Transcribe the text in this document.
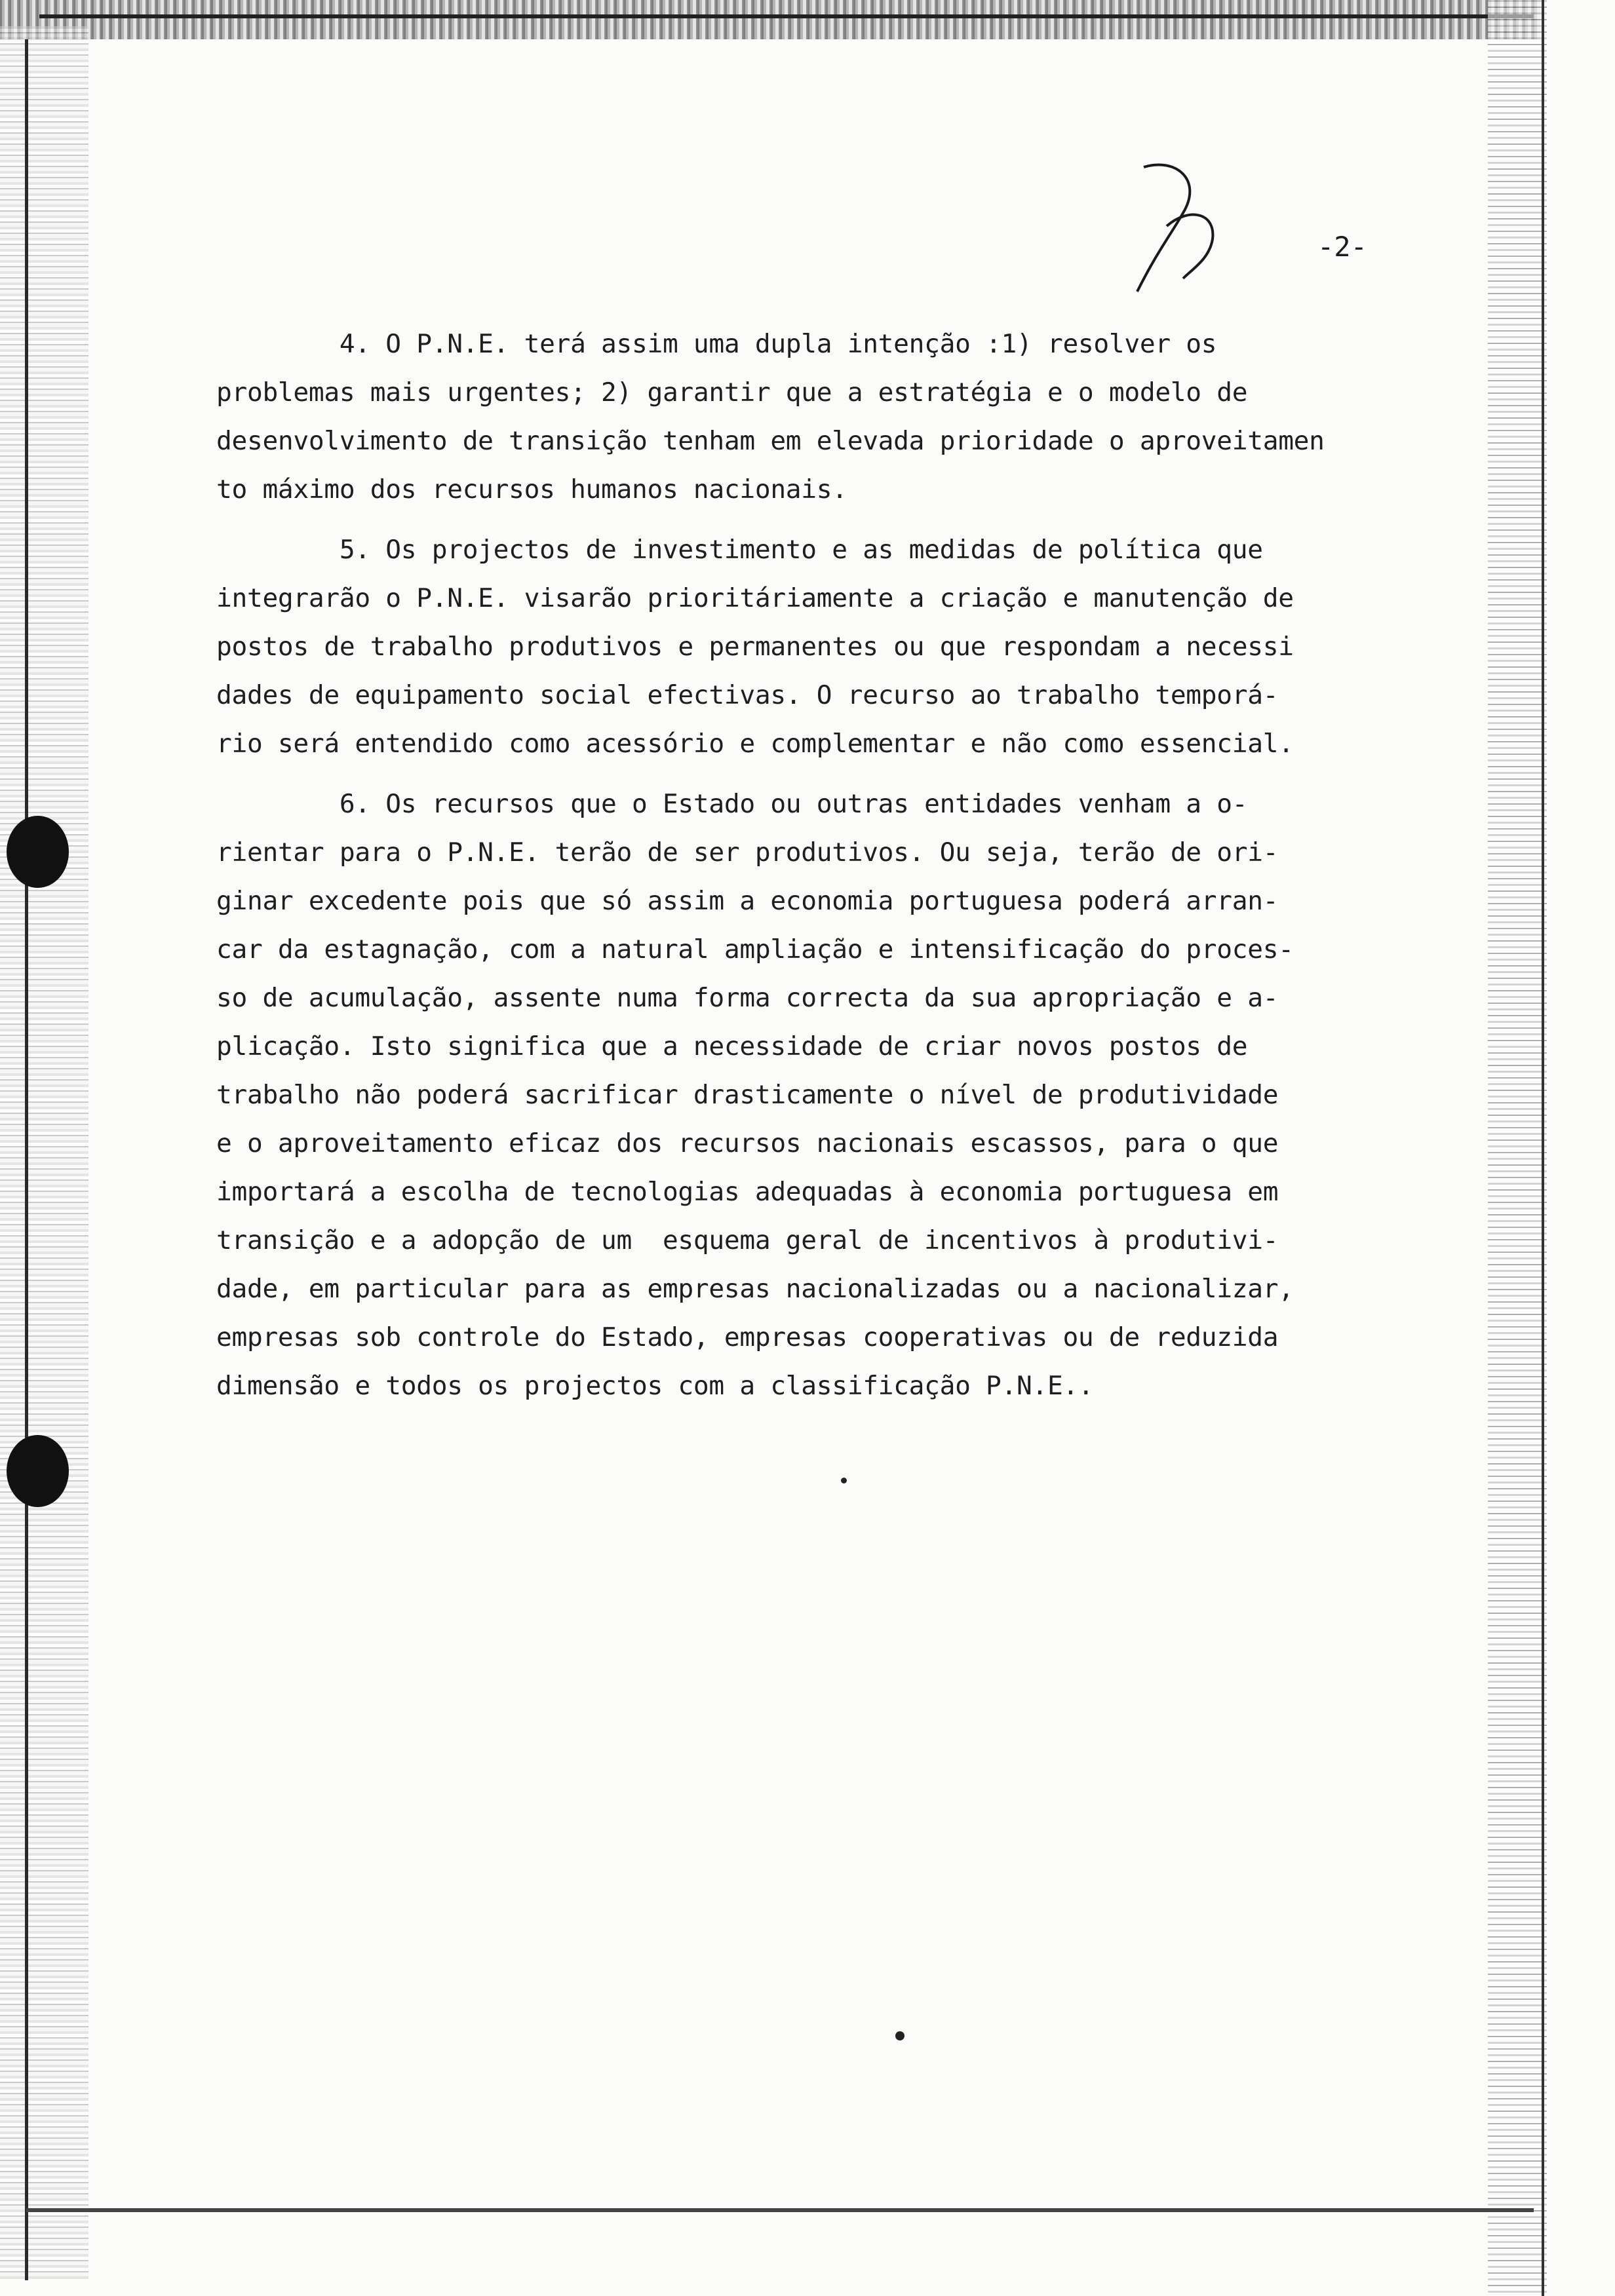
-2-
4. O P.N.E. terá assim uma dupla intenção :1) resolver os
problemas mais urgentes; 2) garantir que a estratégia e o modelo de
desenvolvimento de transição tenham em elevada prioridade o aproveitamen
to máximo dos recursos humanos nacionais.
5. Os projectos de investimento e as medidas de política que
integrarão o P.N.E. visarão prioritáriamente a criação e manutenção de
postos de trabalho produtivos e permanentes ou que respondam a necessi
dades de equipamento social efectivas. O recurso ao trabalho temporá-
rio será entendido como acessório e complementar e não como essencial.
6. Os recursos que o Estado ou outras entidades venham a o-
rientar para o P.N.E. terão de ser produtivos. Ou seja, terão de ori-
ginar excedente pois que só assim a economia portuguesa poderá arran-
car da estagnação, com a natural ampliação e intensificação do proces-
so de acumulação, assente numa forma correcta da sua apropriação e a-
plicação. Isto significa que a necessidade de criar novos postos de
trabalho não poderá sacrificar drasticamente o nível de produtividade
e o aproveitamento eficaz dos recursos nacionais escassos, para o que
importará a escolha de tecnologias adequadas à economia portuguesa em
transição e a adopção de um  esquema geral de incentivos à produtivi-
dade, em particular para as empresas nacionalizadas ou a nacionalizar,
empresas sob controle do Estado, empresas cooperativas ou de reduzida
dimensão e todos os projectos com a classificação P.N.E..
